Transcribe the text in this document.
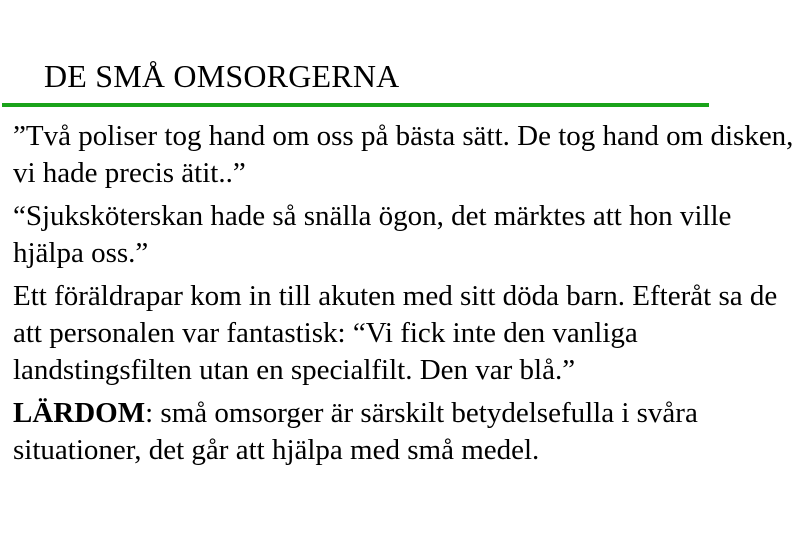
DE SMÅ OMSORGERNA

”Två poliser tog hand om oss på bästa sätt. De tog hand om disken, vi hade precis ätit..”

“Sjuksköterskan hade så snälla ögon, det märktes att hon ville hjälpa oss.”

Ett föräldrapar kom in till akuten med sitt döda barn. Efteråt sa de att personalen var fantastisk: “Vi fick inte den vanliga landstingsfilten utan en specialfilt. Den var blå.”

LÄRDOM: små omsorger är särskilt betydelsefulla i svåra situationer, det går att hjälpa med små medel.
